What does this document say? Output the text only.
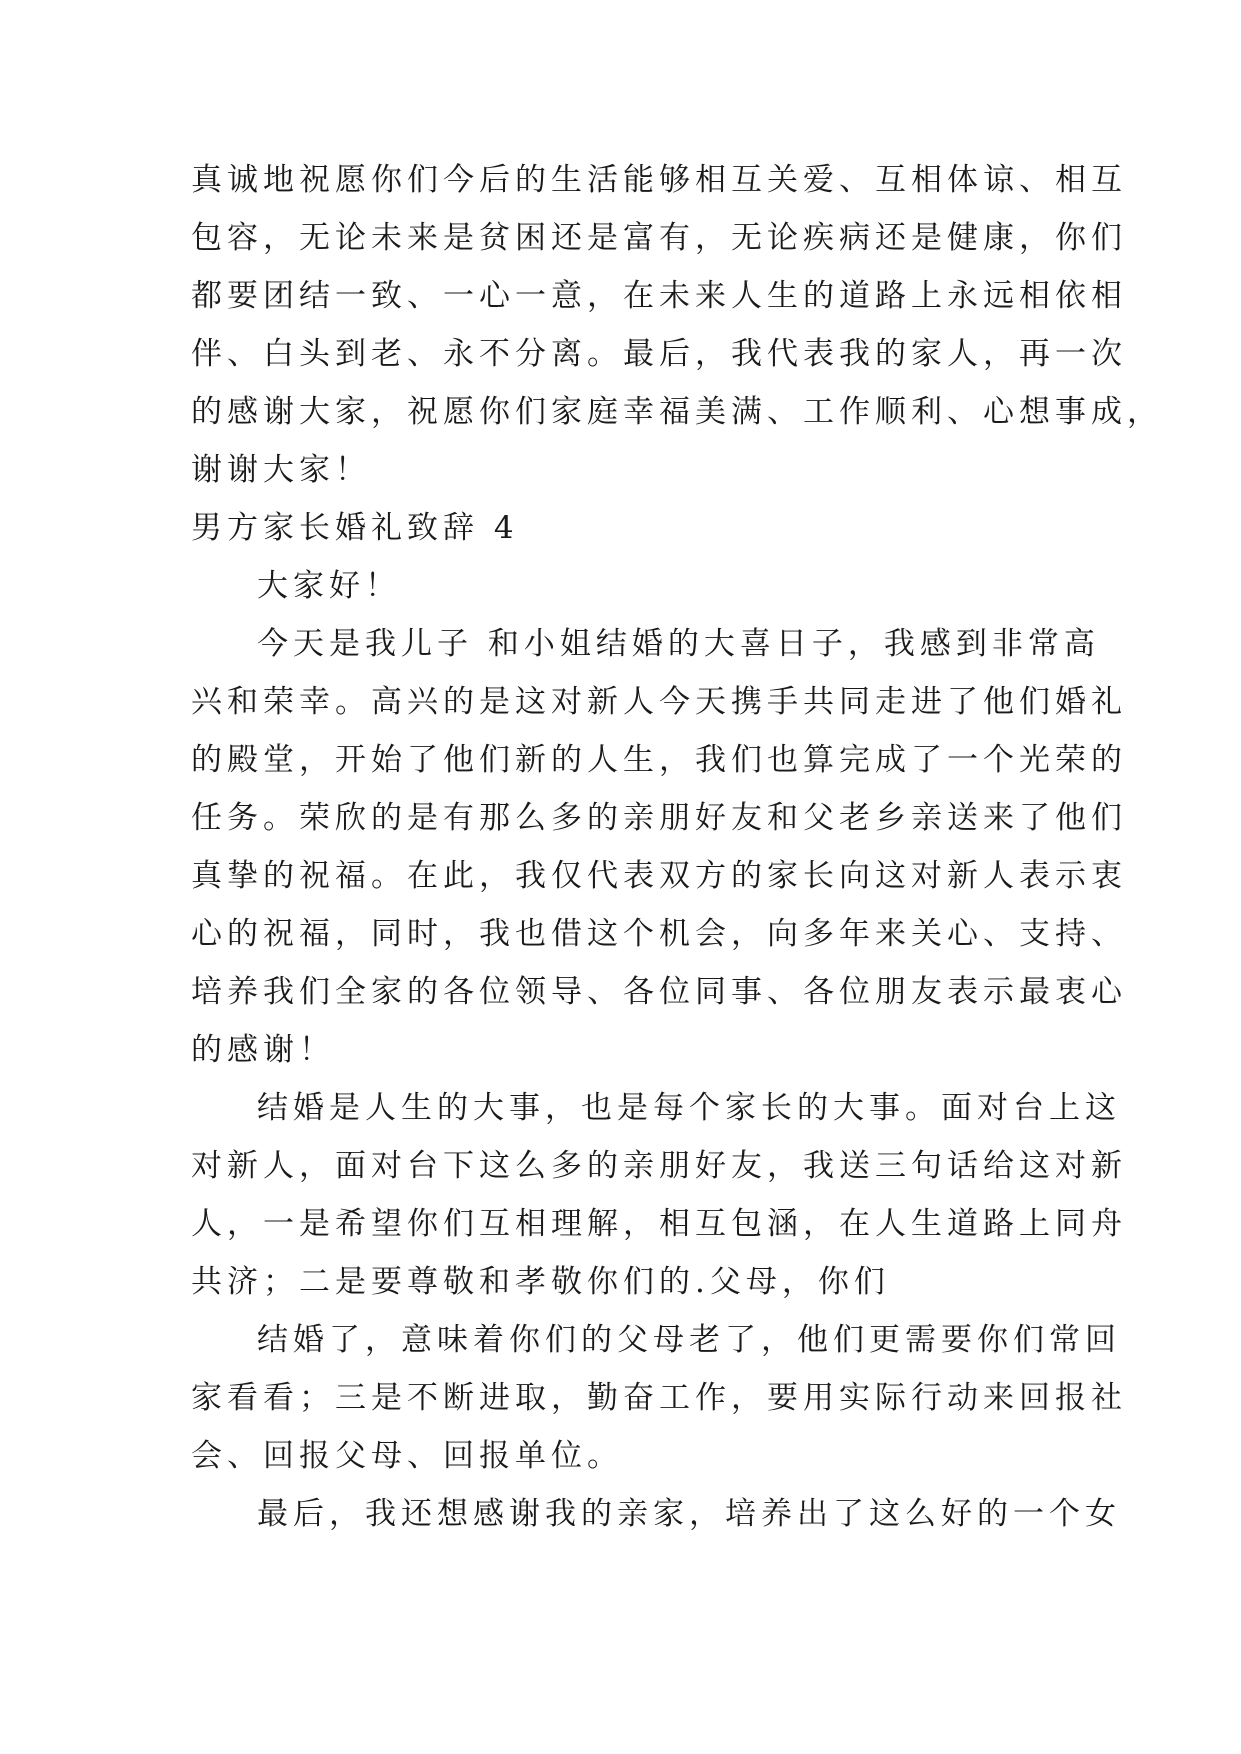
真诚地祝愿你们今后的生活能够相互关爱、互相体谅、相互
包容，无论未来是贫困还是富有，无论疾病还是健康，你们
都要团结一致、一心一意，在未来人生的道路上永远相依相
伴、白头到老、永不分离。最后，我代表我的家人，再一次
的感谢大家，祝愿你们家庭幸福美满、工作顺利、心想事成，
谢谢大家！
男方家长婚礼致辞 4
大家好！
今天是我儿子 和小姐结婚的大喜日子，我感到非常高
兴和荣幸。高兴的是这对新人今天携手共同走进了他们婚礼
的殿堂，开始了他们新的人生，我们也算完成了一个光荣的
任务。荣欣的是有那么多的亲朋好友和父老乡亲送来了他们
真挚的祝福。在此，我仅代表双方的家长向这对新人表示衷
心的祝福，同时，我也借这个机会，向多年来关心、支持、
培养我们全家的各位领导、各位同事、各位朋友表示最衷心
的感谢！
结婚是人生的大事，也是每个家长的大事。面对台上这
对新人，面对台下这么多的亲朋好友，我送三句话给这对新
人，一是希望你们互相理解，相互包涵，在人生道路上同舟
共济；二是要尊敬和孝敬你们的.父母，你们
结婚了，意味着你们的父母老了，他们更需要你们常回
家看看；三是不断进取，勤奋工作，要用实际行动来回报社
会、回报父母、回报单位。
最后，我还想感谢我的亲家，培养出了这么好的一个女
